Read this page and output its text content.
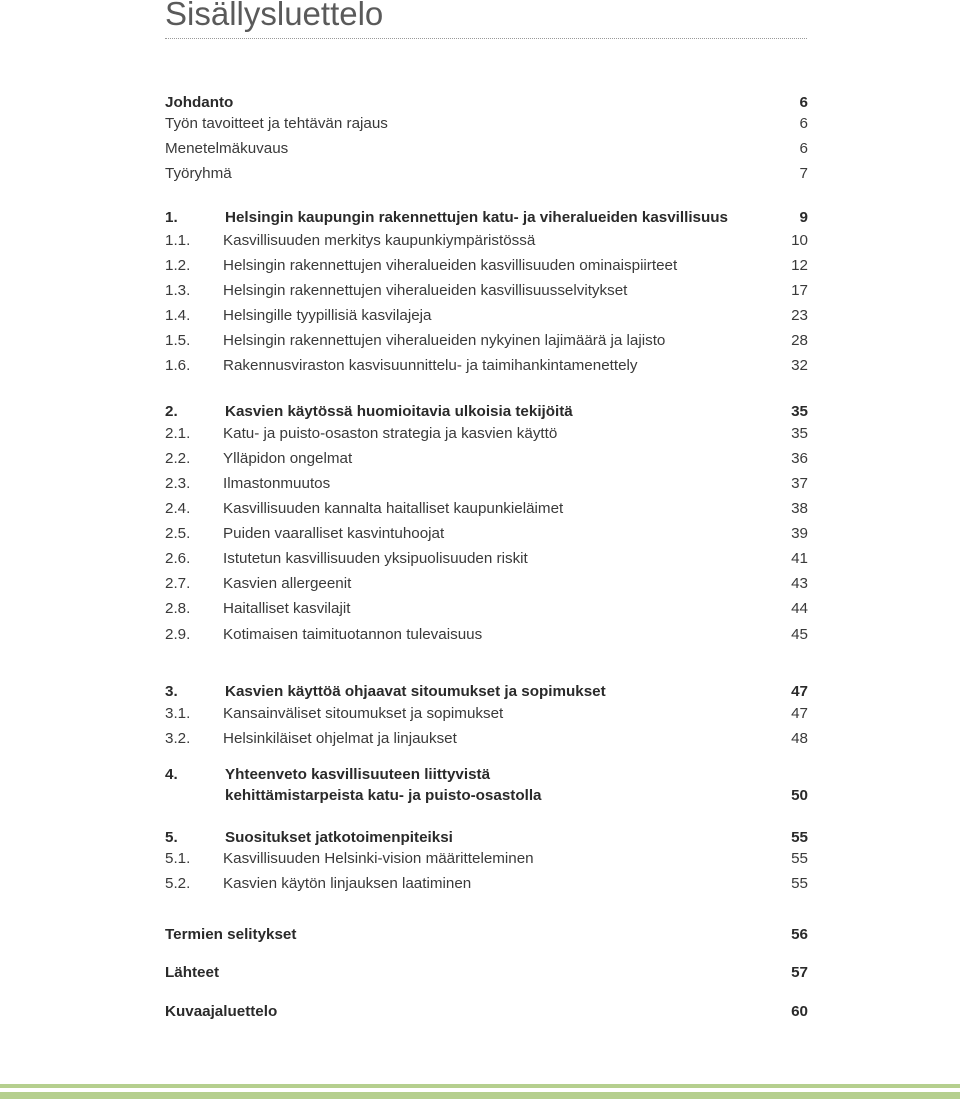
Sisällysluettelo
Johdanto	6
Työn tavoitteet ja tehtävän rajaus	6
Menetelmäkuvaus	6
Työryhmä	7
1.	Helsingin kaupungin rakennettujen katu- ja viheralueiden kasvillisuus	9
1.1. Kasvillisuuden merkitys kaupunkiympäristössä	10
1.2. Helsingin rakennettujen viheralueiden kasvillisuuden ominaispiirteet	12
1.3. Helsingin rakennettujen viheralueiden kasvillisuusselvitykset	17
1.4. Helsingille tyypillisiä kasvilajeja	23
1.5. Helsingin rakennettujen viheralueiden nykyinen lajimäärä ja lajisto	28
1.6. Rakennusviraston kasvisuunnittelu- ja taimihankintamenettely	32
2.	Kasvien käytössä huomioitavia ulkoisia tekijöitä	35
2.1. Katu- ja puisto-osaston strategia ja kasvien käyttö	35
2.2. Ylläpidon ongelmat	36
2.3. Ilmastonmuutos	37
2.4. Kasvillisuuden kannalta haitalliset kaupunkieläimet	38
2.5. Puiden vaaralliset kasvintuhoojat	39
2.6. Istutetun kasvillisuuden yksipuolisuuden riskit	41
2.7. Kasvien allergeenit	43
2.8. Haitalliset kasvilajit	44
2.9. Kotimaisen taimituotannon tulevaisuus	45
3.	Kasvien käyttöä ohjaavat sitoumukset ja sopimukset	47
3.1. Kansainväliset sitoumukset ja sopimukset	47
3.2. Helsinkiläiset ohjelmat ja linjaukset	48
4.	Yhteenveto kasvillisuuteen liittyvistä
kehittämistarpeista katu- ja puisto-osastolla	50
5.	Suositukset jatkotoimenpiteiksi	55
5.1. Kasvillisuuden Helsinki-vision määritteleminen	55
5.2. Kasvien käytön linjauksen laatiminen	55
Termien selitykset	56
Lähteet	57
Kuvaajaluettelo	60
